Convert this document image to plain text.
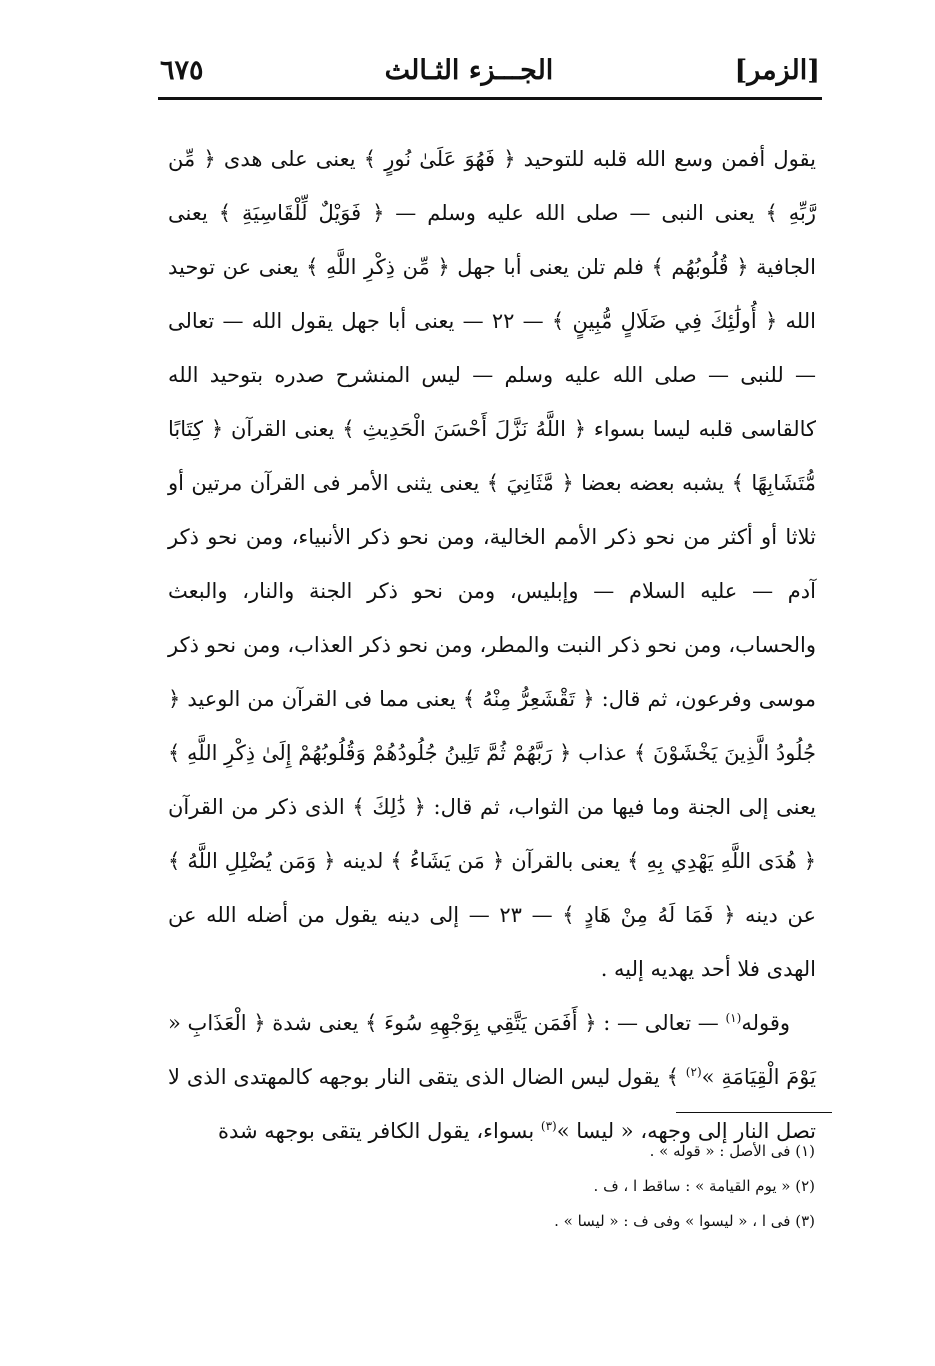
[الزمر]
الجـــزء الثـالث
٦٧٥

يقول أفمن وسع الله قلبه للتوحيد ﴿ فَهُوَ عَلَىٰ نُورٍ ﴾ يعنى على هدى ﴿ مِّن رَّبِّهِ ﴾ يعنى النبى — صلى الله عليه وسلم — ﴿ فَوَيْلٌ لِّلْقَاسِيَةِ ﴾ يعنى الجافية ﴿ قُلُوبُهُم ﴾ فلم تلن يعنى أبا جهل ﴿ مِّن ذِكْرِ اللَّهِ ﴾ يعنى عن توحيد الله ﴿ أُولَٰئِكَ فِي ضَلَالٍ مُّبِينٍ ﴾ — ٢٢ — يعنى أبا جهل يقول الله — تعالى — للنبى — صلى الله عليه وسلم — ليس المنشرح صدره بتوحيد الله كالقاسى قلبه ليسا بسواء ﴿ اللَّهُ نَزَّلَ أَحْسَنَ الْحَدِيثِ ﴾ يعنى القرآن ﴿ كِتَابًا مُّتَشَابِهًا ﴾ يشبه بعضه بعضا ﴿ مَّثَانِيَ ﴾ يعنى يثنى الأمر فى القرآن مرتين أو ثلاثا أو أكثر من نحو ذكر الأمم الخالية، ومن نحو ذكر الأنبياء، ومن نحو ذكر آدم — عليه السلام — وإبليس، ومن نحو ذكر الجنة والنار، والبعث والحساب، ومن نحو ذكر النبت والمطر، ومن نحو ذكر العذاب، ومن نحو ذكر موسى وفرعون، ثم قال: ﴿ تَقْشَعِرُّ مِنْهُ ﴾ يعنى مما فى القرآن من الوعيد ﴿ جُلُودُ الَّذِينَ يَخْشَوْنَ ﴾ عذاب ﴿ رَبَّهُمْ ثُمَّ تَلِينُ جُلُودُهُمْ وَقُلُوبُهُمْ إِلَىٰ ذِكْرِ اللَّهِ ﴾ يعنى إلى الجنة وما فيها من الثواب، ثم قال: ﴿ ذَٰلِكَ ﴾ الذى ذكر من القرآن ﴿ هُدَى اللَّهِ يَهْدِي بِهِ ﴾ يعنى بالقرآن ﴿ مَن يَشَاءُ ﴾ لدينه ﴿ وَمَن يُضْلِلِ اللَّهُ ﴾ عن دينه ﴿ فَمَا لَهُ مِنْ هَادٍ ﴾ — ٢٣ — إلى دينه يقول من أضله الله عن الهدى فلا أحد يهديه إليه .

وقوله$^{(١)}$ — تعالى — : ﴿ أَفَمَن يَتَّقِي بِوَجْهِهِ سُوءَ ﴾ يعنى شدة ﴿ الْعَذَابِ « يَوْمَ الْقِيَامَةِ »$^{(٢)}$ ﴾ يقول ليس الضال الذى يتقى النار بوجهه كالمهتدى الذى لا تصل النار إلى وجهه، « ليسا »$^{(٣)}$ بسواء، يقول الكافر يتقى بوجهه شدة

(١) فى الأصل : « قوله » .
(٢) « يوم القيامة » : ساقط ا ، ف .
(٣) فى ا ، « ليسوا » وفى ف : « ليسا » .
